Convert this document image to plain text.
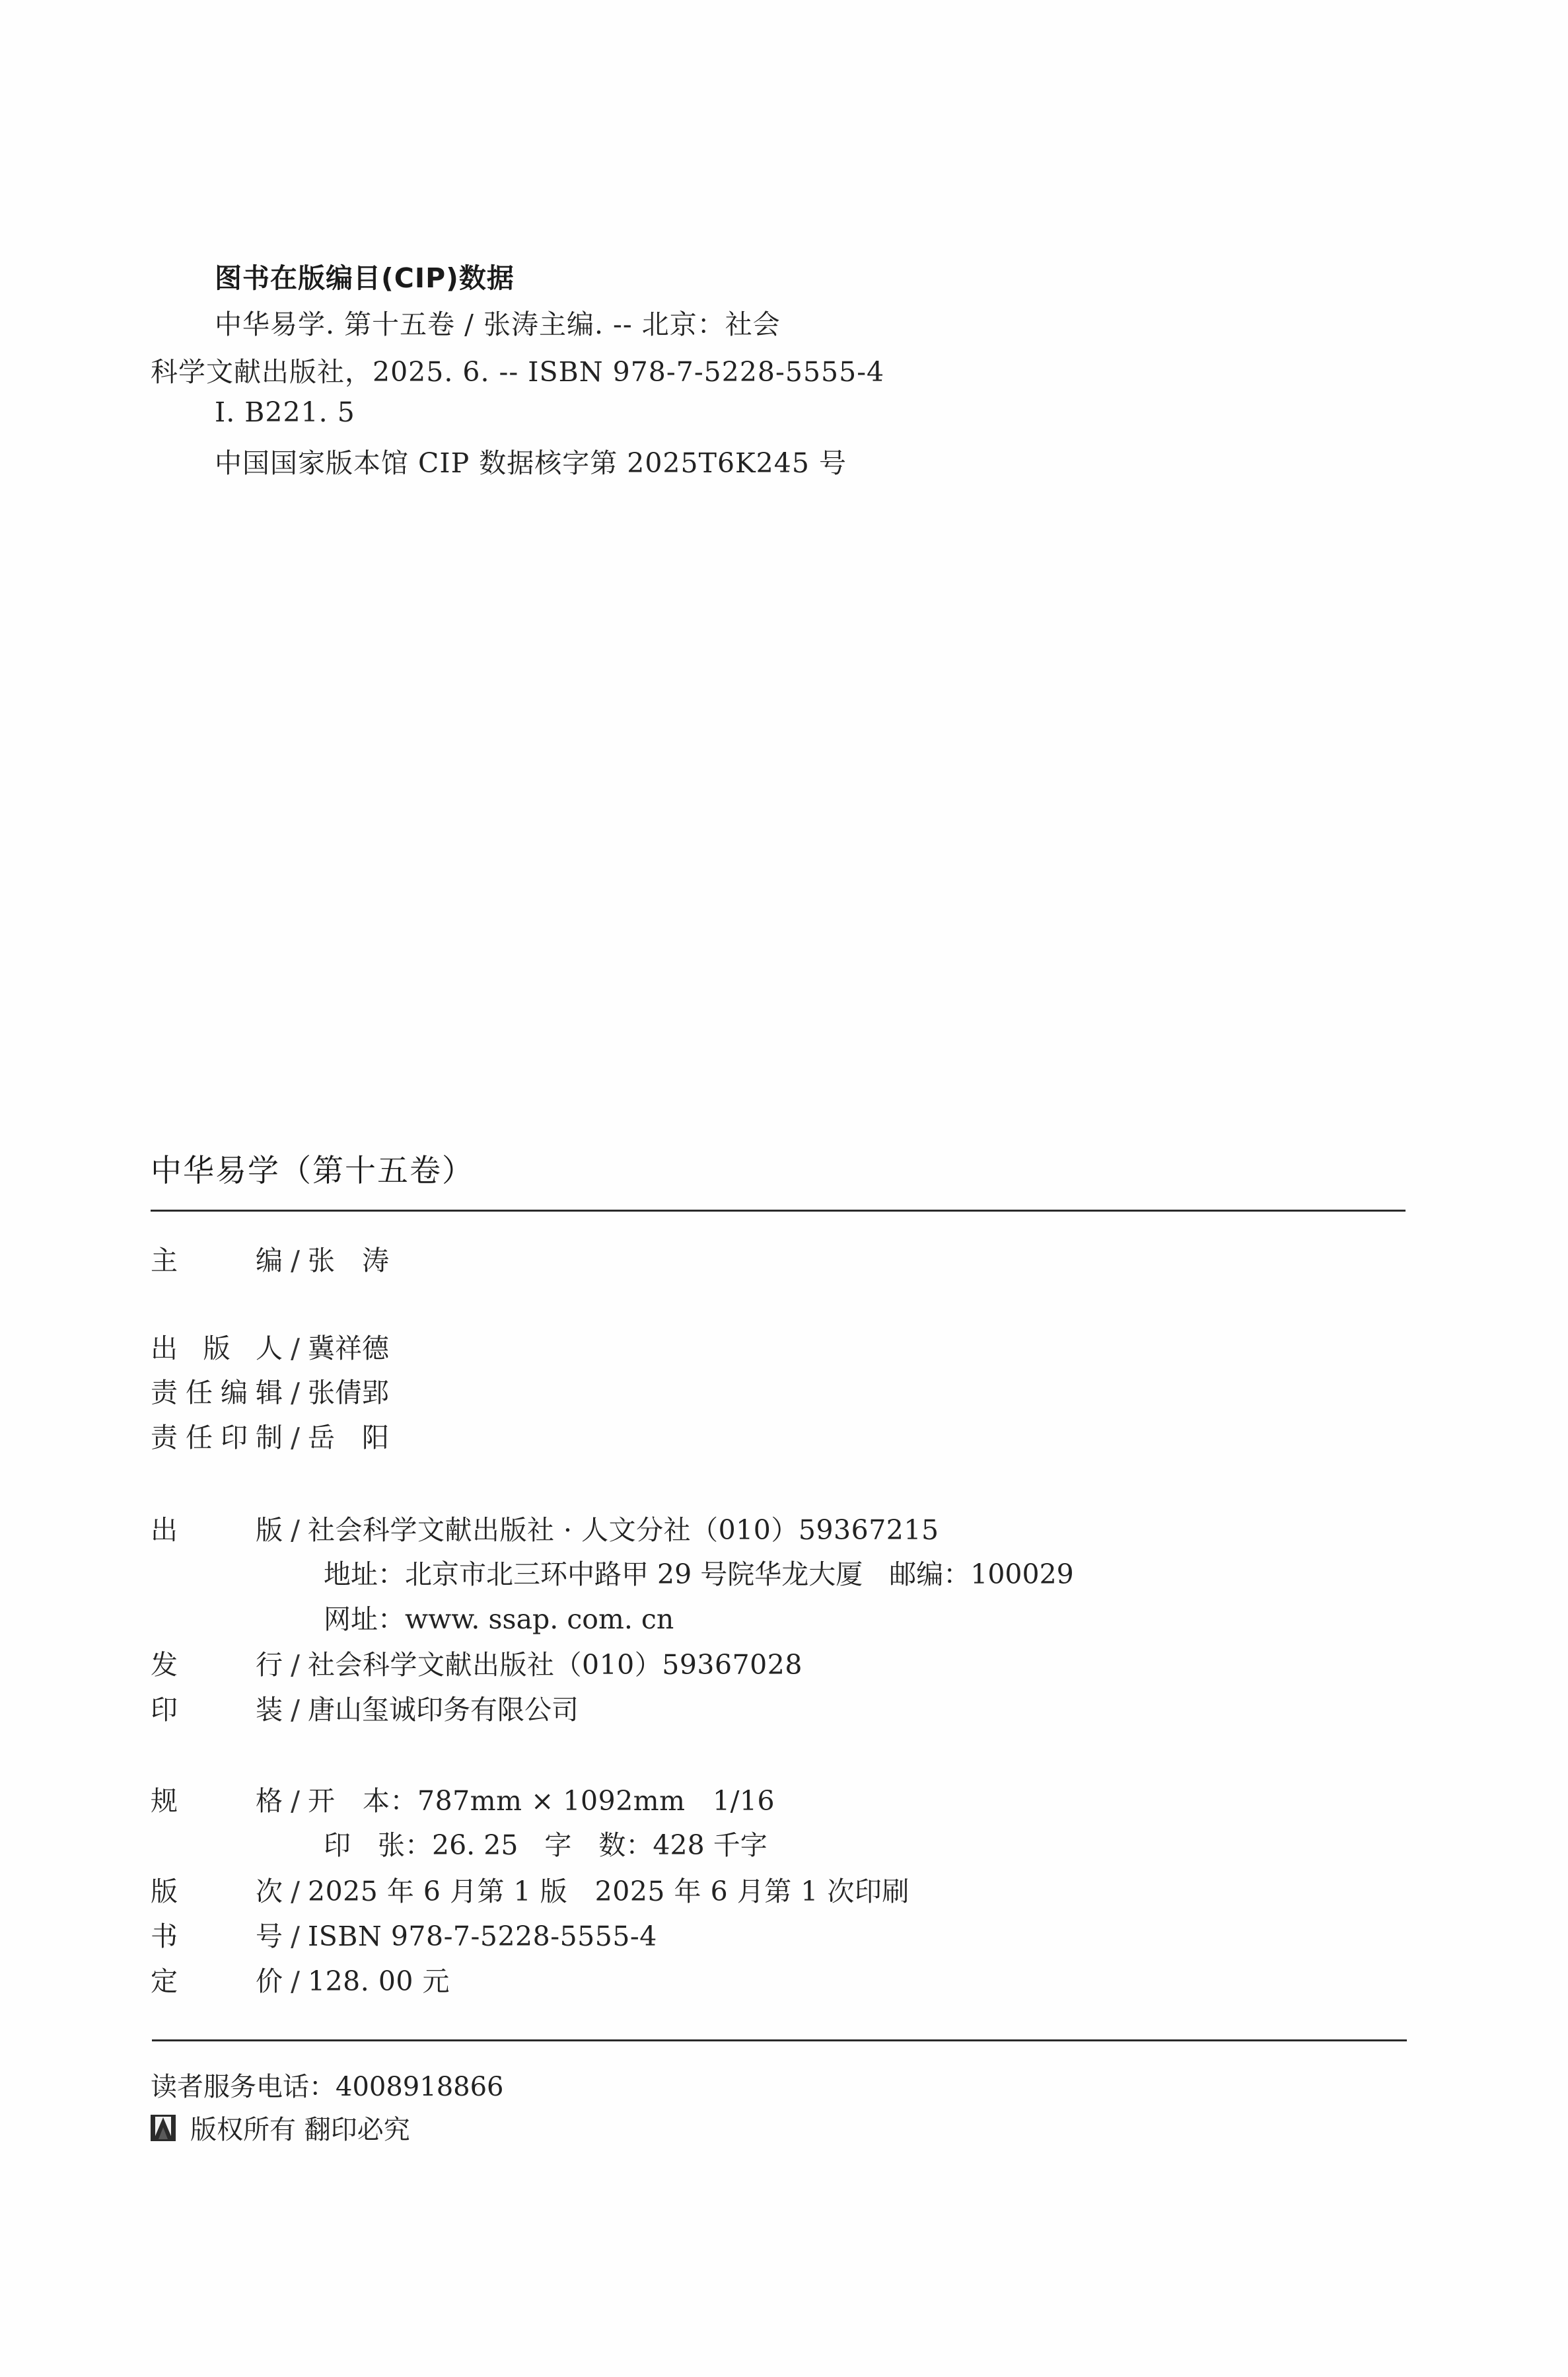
图书在版编目(CIP)数据
中华易学. 第十五卷 / 张涛主编. -- 北京：社会
科学文献出版社，2025. 6. -- ISBN 978-7-5228-5555-4
Ⅰ. B221. 5
中国国家版本馆 CIP 数据核字第 2025T6K245 号
中华易学（第十五卷）
主	编 / 张　涛
出 版 人 / 冀祥德
责 任 编 辑 / 张倩郢
责 任 印 制 / 岳　阳
出	版 / 社会科学文献出版社 · 人文分社（010）59367215
地址：北京市北三环中路甲 29 号院华龙大厦 邮编：100029
网址：www. ssap. com. cn
发	行 / 社会科学文献出版社（010）59367028
印	装 / 唐山玺诚印务有限公司
规	格 / 开　本：787mm × 1092mm　1/16
印　张：26. 25 字　数：428 千字
版	次 / 2025 年 6 月第 1 版　2025 年 6 月第 1 次印刷
书	号 / ISBN 978-7-5228-5555-4
定	价 / 128. 00 元
读者服务电话：4008918866
版权所有 翻印必究
